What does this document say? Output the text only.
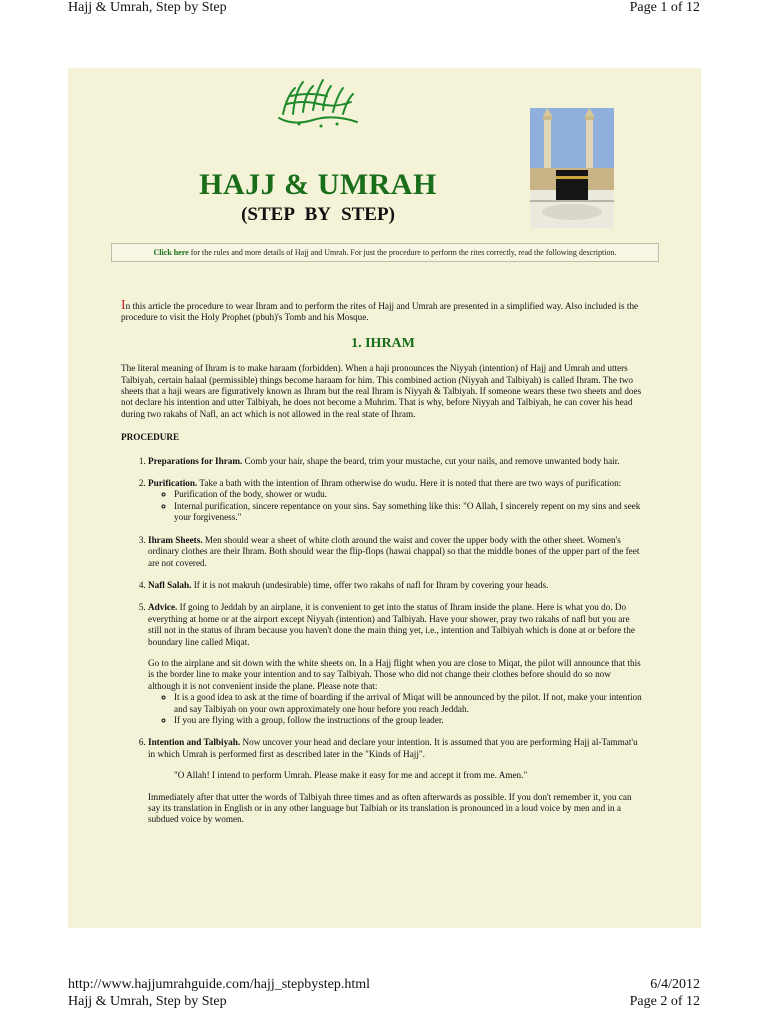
Hajj & Umrah, Step by Step	Page 1 of 12
HAJJ & UMRAH
(STEP BY STEP)
Click here for the rules and more details of Hajj and Umrah. For just the procedure to perform the rites correctly, read the following description.

In this article the procedure to wear Ihram and to perform the rites of Hajj and Umrah are presented in a simplified way. Also included is the procedure to visit the Holy Prophet (pbuh)'s Tomb and his Mosque.

1. IHRAM

The literal meaning of Ihram is to make haraam (forbidden). When a haji pronounces the Niyyah (intention) of Hajj and Umrah and utters Talbiyah, certain halaal (permissible) things become haraam for him. This combined action (Niyyah and Talbiyah) is called Ihram. The two sheets that a haji wears are figuratively known as Ihram but the real Ihram is Niyyah & Talbiyah. If someone wears these two sheets and does not declare his intention and utter Talbiyah, he does not become a Muhrim. That is why, before Niyyah and Talbiyah, he can cover his head during two rakahs of Nafl, an act which is not allowed in the real state of Ihram.

PROCEDURE
1. Preparations for Ihram. Comb your hair, shape the beard, trim your mustache, cut your nails, and remove unwanted body hair.
2. Purification. Take a bath with the intention of Ihram otherwise do wudu. Here it is noted that there are two ways of purification:
◦ Purification of the body, shower or wudu.
◦ Internal purification, sincere repentance on your sins. Say something like this: "O Allah, I sincerely repent on my sins and seek your forgiveness."
3. Ihram Sheets. Men should wear a sheet of white cloth around the waist and cover the upper body with the other sheet. Women's ordinary clothes are their Ihram. Both should wear the flip-flops (hawai chappal) so that the middle bones of the upper part of the feet are not covered.
4. Nafl Salah. If it is not makruh (undesirable) time, offer two rakahs of nafl for Ihram by covering your heads.
5. Advice. If going to Jeddah by an airplane, it is convenient to get into the status of Ihram inside the plane. Here is what you do. Do everything at home or at the airport except Niyyah (intention) and Talbiyah. Have your shower, pray two rakahs of nafl but you are still not in the status of ihram because you haven't done the main thing yet, i.e., intention and Talbiyah which is done at or before the boundary line called Miqat.

Go to the airplane and sit down with the white sheets on. In a Hajj flight when you are close to Miqat, the pilot will announce that this is the border line to make your intention and to say Talbiyah. Those who did not change their clothes before should do so now although it is not convenient inside the plane. Please note that:

◦ It is a good idea to ask at the time of boarding if the arrival of Miqat will be announced by the pilot. If not, make your intention and say Talbiyah on your own approximately one hour before you reach Jeddah.
◦ If you are flying with a group, follow the instructions of the group leader.
6. Intention and Talbiyah. Now uncover your head and declare your intention. It is assumed that you are performing Hajj al-Tammat'u in which Umrah is performed first as described later in the "Kinds of Hajj".

"O Allah! I intend to perform Umrah. Please make it easy for me and accept it from me. Amen."

Immediately after that utter the words of Talbiyah three times and as often afterwards as possible. If you don't remember it, you can say its translation in English or in any other language but Talbiah or its translation is pronounced in a loud voice by men and in a subdued voice by women.

http://www.hajjumrahguide.com/hajj_stepbystep.html	6/4/2012
Hajj & Umrah, Step by Step	Page 2 of 12
